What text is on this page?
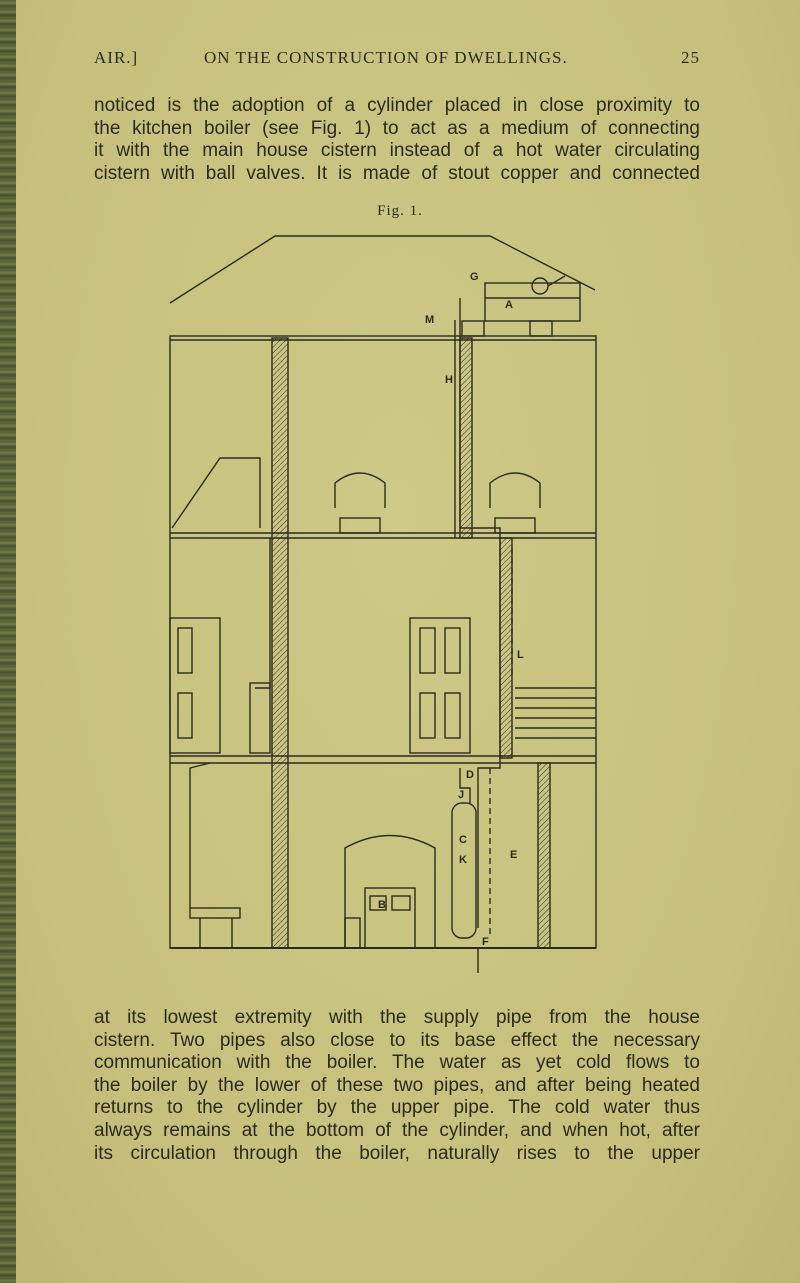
AIR.]	ON THE CONSTRUCTION OF DWELLINGS.	25
noticed is the adoption of a cylinder placed in close proximity to
the kitchen boiler (see Fig. 1) to act as a medium of connecting
it with the main house cistern instead of a hot water circulating
cistern with ball valves. It is made of stout copper and connected
Fig. 1.
G
A
M
H
L
D
J
C
K	E
B
F
at its lowest extremity with the supply pipe from the house
cistern. Two pipes also close to its base effect the necessary
communication with the boiler. The water as yet cold flows to
the boiler by the lower of these two pipes, and after being heated
returns to the cylinder by the upper pipe. The cold water thus
always remains at the bottom of the cylinder, and when hot, after
its circulation through the boiler, naturally rises to the upper
